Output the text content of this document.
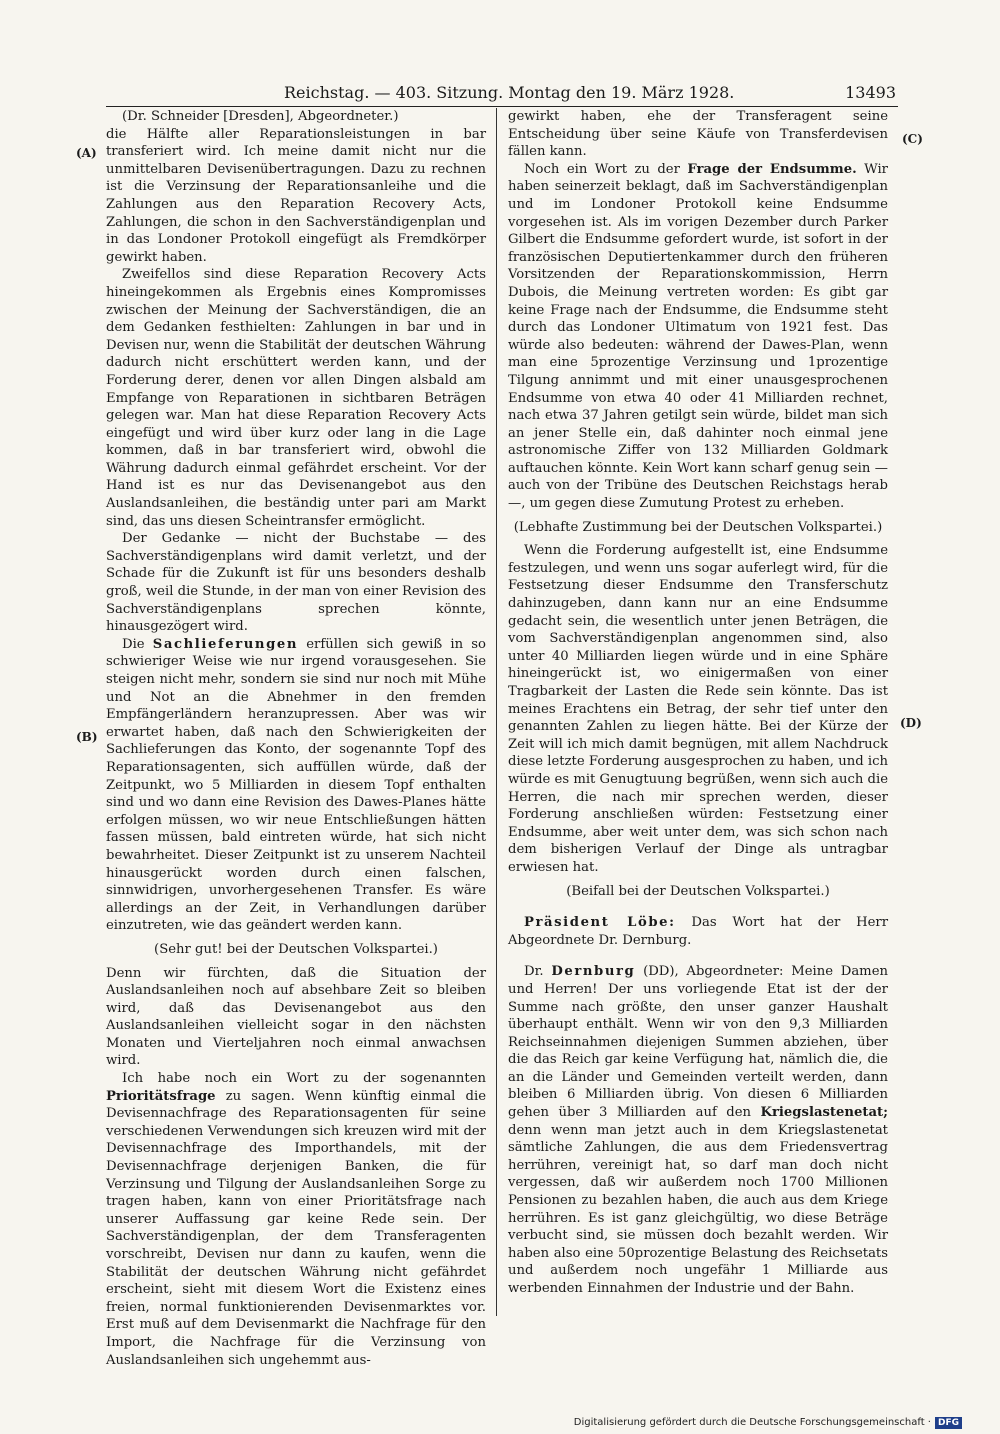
Reichstag. — 403. Sitzung. Montag den 19. März 1928.	13493
(A)
(B)
(C)
(D)

(Dr. Schneider [Dresden], Abgeordneter.)

die Hälfte aller Reparationsleistungen in bar transferiert wird. Ich meine damit nicht nur die unmittelbaren Devisenübertragungen. Dazu zu rechnen ist die Verzinsung der Reparationsanleihe und die Zahlungen aus den Reparation Recovery Acts, Zahlungen, die schon in den Sachverständigenplan und in das Londoner Protokoll eingefügt als Fremdkörper gewirkt haben.

Zweifellos sind diese Reparation Recovery Acts hineingekommen als Ergebnis eines Kompromisses zwischen der Meinung der Sachverständigen, die an dem Gedanken festhielten: Zahlungen in bar und in Devisen nur, wenn die Stabilität der deutschen Währung dadurch nicht erschüttert werden kann, und der Forderung derer, denen vor allen Dingen alsbald am Empfange von Reparationen in sichtbaren Beträgen gelegen war. Man hat diese Reparation Recovery Acts eingefügt und wird über kurz oder lang in die Lage kommen, daß in bar transferiert wird, obwohl die Währung dadurch einmal gefährdet erscheint. Vor der Hand ist es nur das Devisenangebot aus den Auslandsanleihen, die beständig unter pari am Markt sind, das uns diesen Scheintransfer ermöglicht.

Der Gedanke — nicht der Buchstabe — des Sachverständigenplans wird damit verletzt, und der Schade für die Zukunft ist für uns besonders deshalb groß, weil die Stunde, in der man von einer Revision des Sachverständigenplans sprechen könnte, hinausgezögert wird.

Die Sachlieferungen erfüllen sich gewiß in so schwieriger Weise wie nur irgend vorausgesehen. Sie steigen nicht mehr, sondern sie sind nur noch mit Mühe und Not an die Abnehmer in den fremden Empfängerländern heranzupressen. Aber was wir erwartet haben, daß nach den Schwierigkeiten der Sachlieferungen das Konto, der sogenannte Topf des Reparationsagenten, sich auffüllen würde, daß der Zeitpunkt, wo 5 Milliarden in diesem Topf enthalten sind und wo dann eine Revision des Dawes-Planes hätte erfolgen müssen, wo wir neue Entschließungen hätten fassen müssen, bald eintreten würde, hat sich nicht bewahrheitet. Dieser Zeitpunkt ist zu unserem Nachteil hinausgerückt worden durch einen falschen, sinnwidrigen, unvorhergesehenen Transfer. Es wäre allerdings an der Zeit, in Verhandlungen darüber einzutreten, wie das geändert werden kann.

(Sehr gut! bei der Deutschen Volkspartei.)

Denn wir fürchten, daß die Situation der Auslandsanleihen noch auf absehbare Zeit so bleiben wird, daß das Devisenangebot aus den Auslandsanleihen vielleicht sogar in den nächsten Monaten und Vierteljahren noch einmal anwachsen wird.

Ich habe noch ein Wort zu der sogenannten Prioritätsfrage zu sagen. Wenn künftig einmal die Devisennachfrage des Reparationsagenten für seine verschiedenen Verwendungen sich kreuzen wird mit der Devisennachfrage des Importhandels, mit der Devisennachfrage derjenigen Banken, die für Verzinsung und Tilgung der Auslandsanleihen Sorge zu tragen haben, kann von einer Prioritätsfrage nach unserer Auffassung gar keine Rede sein. Der Sachverständigenplan, der dem Transferagenten vorschreibt, Devisen nur dann zu kaufen, wenn die Stabilität der deutschen Währung nicht gefährdet erscheint, sieht mit diesem Wort die Existenz eines freien, normal funktionierenden Devisenmarktes vor. Erst muß auf dem Devisenmarkt die Nachfrage für den Import, die Nachfrage für die Verzinsung von Auslandsanleihen sich ungehemmt aus-

gewirkt haben, ehe der Transferagent seine Entscheidung über seine Käufe von Transferdevisen fällen kann.

Noch ein Wort zu der Frage der Endsumme. Wir haben seinerzeit beklagt, daß im Sachverständigenplan und im Londoner Protokoll keine Endsumme vorgesehen ist. Als im vorigen Dezember durch Parker Gilbert die Endsumme gefordert wurde, ist sofort in der französischen Deputiertenkammer durch den früheren Vorsitzenden der Reparationskommission, Herrn Dubois, die Meinung vertreten worden: Es gibt gar keine Frage nach der Endsumme, die Endsumme steht durch das Londoner Ultimatum von 1921 fest. Das würde also bedeuten: während der Dawes-Plan, wenn man eine 5prozentige Verzinsung und 1prozentige Tilgung annimmt und mit einer unausgesprochenen Endsumme von etwa 40 oder 41 Milliarden rechnet, nach etwa 37 Jahren getilgt sein würde, bildet man sich an jener Stelle ein, daß dahinter noch einmal jene astronomische Ziffer von 132 Milliarden Goldmark auftauchen könnte. Kein Wort kann scharf genug sein — auch von der Tribüne des Deutschen Reichstags herab —, um gegen diese Zumutung Protest zu erheben.

(Lebhafte Zustimmung bei der Deutschen Volkspartei.)

Wenn die Forderung aufgestellt ist, eine Endsumme festzulegen, und wenn uns sogar auferlegt wird, für die Festsetzung dieser Endsumme den Transferschutz dahinzugeben, dann kann nur an eine Endsumme gedacht sein, die wesentlich unter jenen Beträgen, die vom Sachverständigenplan angenommen sind, also unter 40 Milliarden liegen würde und in eine Sphäre hineingerückt ist, wo einigermaßen von einer Tragbarkeit der Lasten die Rede sein könnte. Das ist meines Erachtens ein Betrag, der sehr tief unter den genannten Zahlen zu liegen hätte. Bei der Kürze der Zeit will ich mich damit begnügen, mit allem Nachdruck diese letzte Forderung ausgesprochen zu haben, und ich würde es mit Genugtuung begrüßen, wenn sich auch die Herren, die nach mir sprechen werden, dieser Forderung anschließen würden: Festsetzung einer Endsumme, aber weit unter dem, was sich schon nach dem bisherigen Verlauf der Dinge als untragbar erwiesen hat.

(Beifall bei der Deutschen Volkspartei.)

Präsident Löbe: Das Wort hat der Herr Abgeordnete Dr. Dernburg.

Dr. Dernburg (DD), Abgeordneter: Meine Damen und Herren! Der uns vorliegende Etat ist der der Summe nach größte, den unser ganzer Haushalt überhaupt enthält. Wenn wir von den 9,3 Milliarden Reichseinnahmen diejenigen Summen abziehen, über die das Reich gar keine Verfügung hat, nämlich die, die an die Länder und Gemeinden verteilt werden, dann bleiben 6 Milliarden übrig. Von diesen 6 Milliarden gehen über 3 Milliarden auf den Kriegslastenetat; denn wenn man jetzt auch in dem Kriegslastenetat sämtliche Zahlungen, die aus dem Friedensvertrag herrühren, vereinigt hat, so darf man doch nicht vergessen, daß wir außerdem noch 1700 Millionen Pensionen zu bezahlen haben, die auch aus dem Kriege herrühren. Es ist ganz gleichgültig, wo diese Beträge verbucht sind, sie müssen doch bezahlt werden. Wir haben also eine 50prozentige Belastung des Reichsetats und außerdem noch ungefähr 1 Milliarde aus werbenden Einnahmen der Industrie und der Bahn.

Digitalisierung gefördert durch die Deutsche Forschungsgemeinschaft · DFG
